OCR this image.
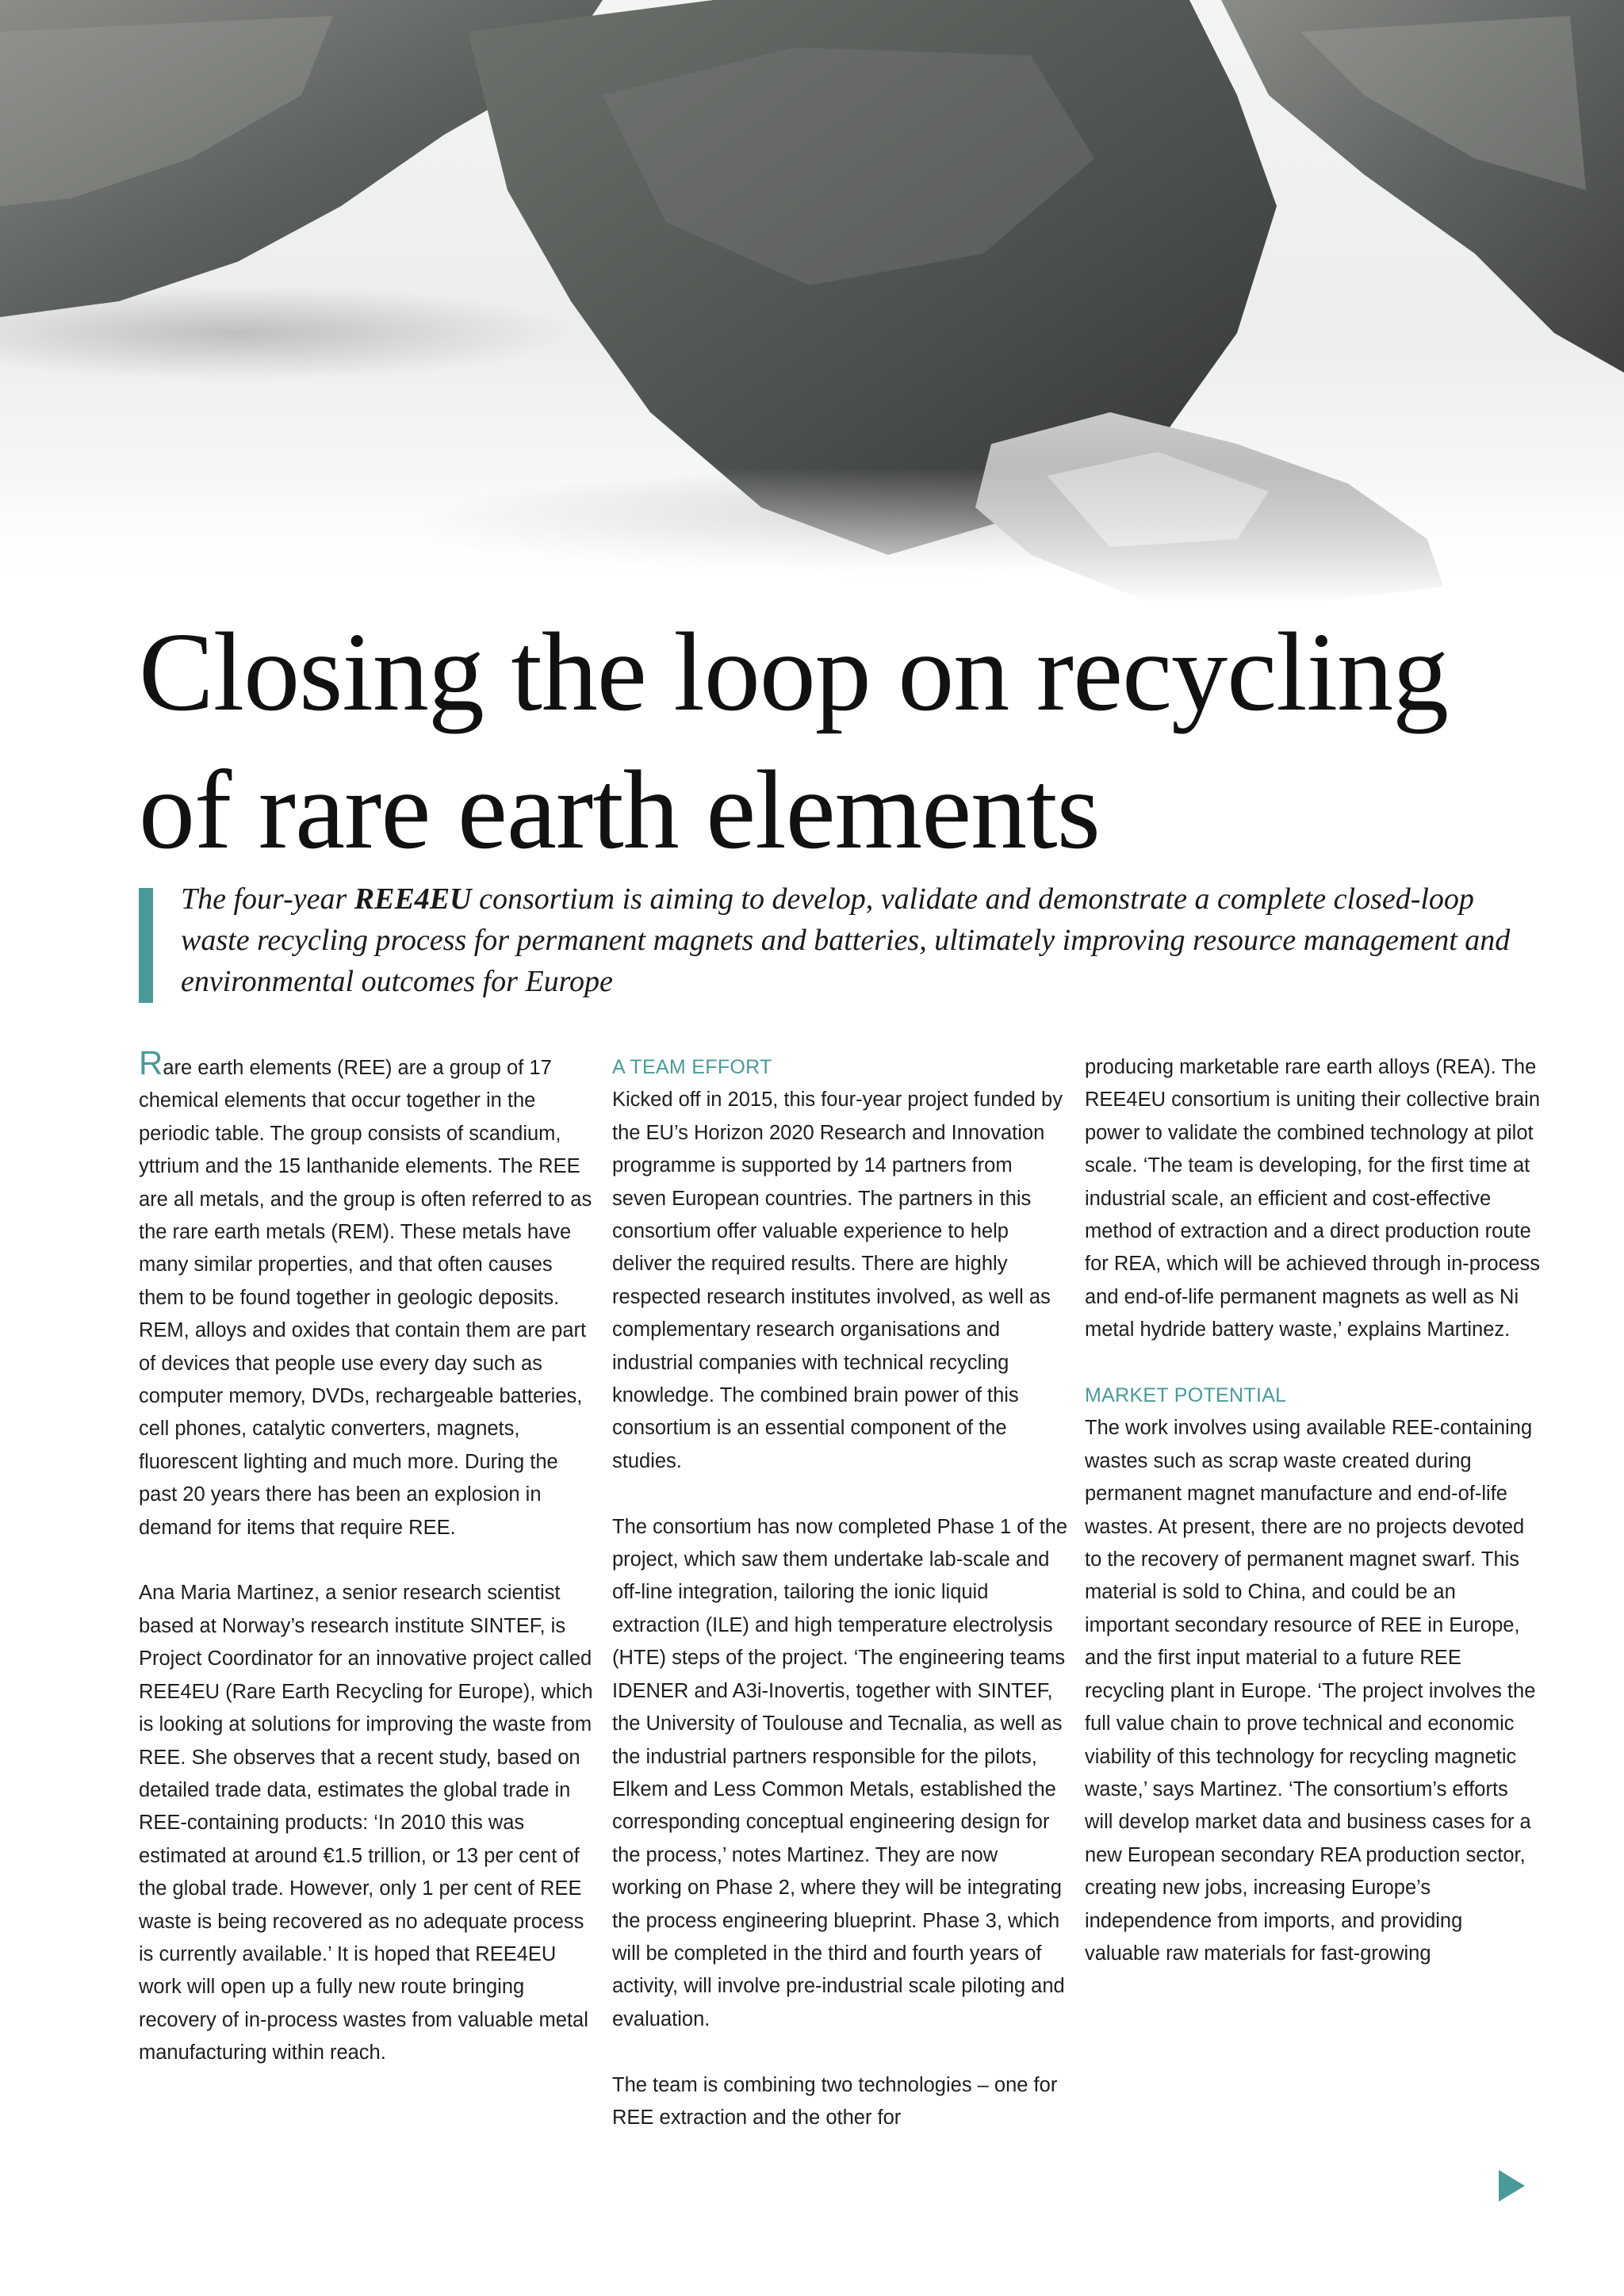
Closing the loop on recycling
of rare earth elements

The four-year REE4EU consortium is aiming to develop, validate and demonstrate a complete closed-loop waste recycling process for permanent magnets and batteries, ultimately improving resource management and environmental outcomes for Europe

Rare earth elements (REE) are a group of 17 chemical elements that occur together in the periodic table. The group consists of scandium, yttrium and the 15 lanthanide elements. The REE are all metals, and the group is often referred to as the rare earth metals (REM). These metals have many similar properties, and that often causes them to be found together in geologic deposits. REM, alloys and oxides that contain them are part of devices that people use every day such as computer memory, DVDs, rechargeable batteries, cell phones, catalytic converters, magnets, fluorescent lighting and much more. During the past 20 years there has been an explosion in demand for items that require REE.

Ana Maria Martinez, a senior research scientist based at Norway’s research institute SINTEF, is Project Coordinator for an innovative project called REE4EU (Rare Earth Recycling for Europe), which is looking at solutions for improving the waste from REE. She observes that a recent study, based on detailed trade data, estimates the global trade in REE-containing products: ‘In 2010 this was estimated at around €1.5 trillion, or 13 per cent of the global trade. However, only 1 per cent of REE waste is being recovered as no adequate process is currently available.’ It is hoped that REE4EU work will open up a fully new route bringing recovery of in-process wastes from valuable metal manufacturing within reach.

A TEAM EFFORT

Kicked off in 2015, this four-year project funded by the EU’s Horizon 2020 Research and Innovation programme is supported by 14 partners from seven European countries. The partners in this consortium offer valuable experience to help deliver the required results. There are highly respected research institutes involved, as well as complementary research organisations and industrial companies with technical recycling knowledge. The combined brain power of this consortium is an essential component of the studies.

The consortium has now completed Phase 1 of the project, which saw them undertake lab-scale and off-line integration, tailoring the ionic liquid extraction (ILE) and high temperature electrolysis (HTE) steps of the project. ‘The engineering teams IDENER and A3i-Inovertis, together with SINTEF, the University of Toulouse and Tecnalia, as well as the industrial partners responsible for the pilots, Elkem and Less Common Metals, established the corresponding conceptual engineering design for the process,’ notes Martinez. They are now working on Phase 2, where they will be integrating the process engineering blueprint. Phase 3, which will be completed in the third and fourth years of activity, will involve pre-industrial scale piloting and evaluation.

The team is combining two technologies – one for REE extraction and the other for

producing marketable rare earth alloys (REA). The REE4EU consortium is uniting their collective brain power to validate the combined technology at pilot scale. ‘The team is developing, for the first time at industrial scale, an efficient and cost-effective method of extraction and a direct production route for REA, which will be achieved through in-process and end-of-life permanent magnets as well as Ni metal hydride battery waste,’ explains Martinez.

MARKET POTENTIAL

The work involves using available REE-containing wastes such as scrap waste created during permanent magnet manufacture and end-of-life wastes. At present, there are no projects devoted to the recovery of permanent magnet swarf. This material is sold to China, and could be an important secondary resource of REE in Europe, and the first input material to a future REE recycling plant in Europe. ‘The project involves the full value chain to prove technical and economic viability of this technology for recycling magnetic waste,’ says Martinez. ‘The consortium’s efforts will develop market data and business cases for a new European secondary REA production sector, creating new jobs, increasing Europe’s independence from imports, and providing valuable raw materials for fast-growing
